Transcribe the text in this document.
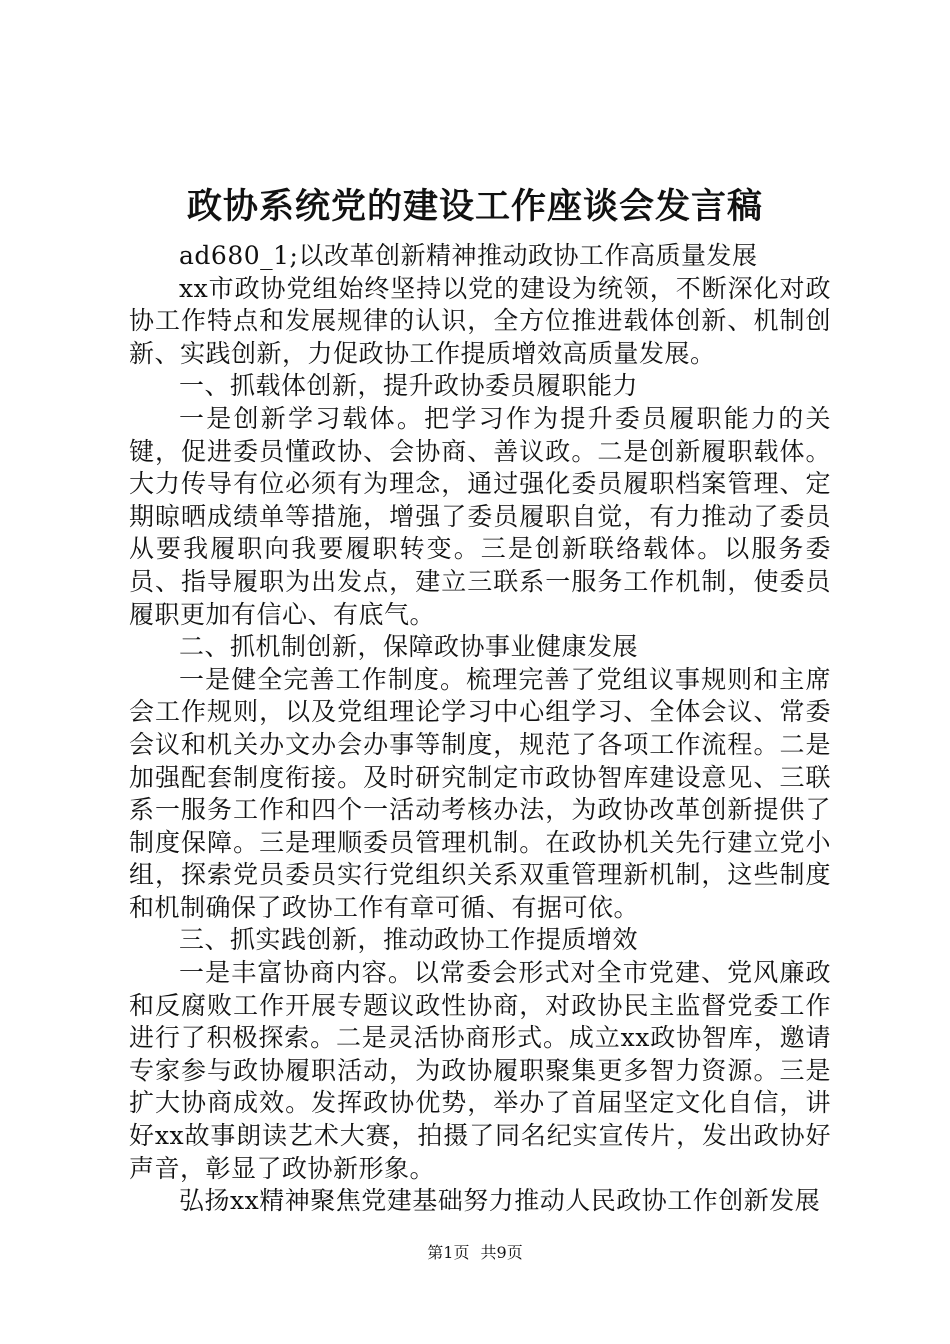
政协系统党的建设工作座谈会发言稿

ad680_1;以改革创新精神推动政协工作高质量发展

xx市政协党组始终坚持以党的建设为统领，不断深化对政协工作特点和发展规律的认识，全方位推进载体创新、机制创新、实践创新，力促政协工作提质增效高质量发展。

一、抓载体创新，提升政协委员履职能力

一是创新学习载体。把学习作为提升委员履职能力的关键，促进委员懂政协、会协商、善议政。二是创新履职载体。大力传导有位必须有为理念，通过强化委员履职档案管理、定期晾晒成绩单等措施，增强了委员履职自觉，有力推动了委员从要我履职向我要履职转变。三是创新联络载体。以服务委员、指导履职为出发点，建立三联系一服务工作机制，使委员履职更加有信心、有底气。

二、抓机制创新，保障政协事业健康发展

一是健全完善工作制度。梳理完善了党组议事规则和主席会工作规则，以及党组理论学习中心组学习、全体会议、常委会议和机关办文办会办事等制度，规范了各项工作流程。二是加强配套制度衔接。及时研究制定市政协智库建设意见、三联系一服务工作和四个一活动考核办法，为政协改革创新提供了制度保障。三是理顺委员管理机制。在政协机关先行建立党小组，探索党员委员实行党组织关系双重管理新机制，这些制度和机制确保了政协工作有章可循、有据可依。

三、抓实践创新，推动政协工作提质增效

一是丰富协商内容。以常委会形式对全市党建、党风廉政和反腐败工作开展专题议政性协商，对政协民主监督党委工作进行了积极探索。二是灵活协商形式。成立xx政协智库，邀请专家参与政协履职活动，为政协履职聚集更多智力资源。三是扩大协商成效。发挥政协优势，举办了首届坚定文化自信，讲好xx故事朗读艺术大赛，拍摄了同名纪实宣传片，发出政协好声音，彰显了政协新形象。

弘扬xx精神聚焦党建基础努力推动人民政协工作创新发展

第1页 共9页
